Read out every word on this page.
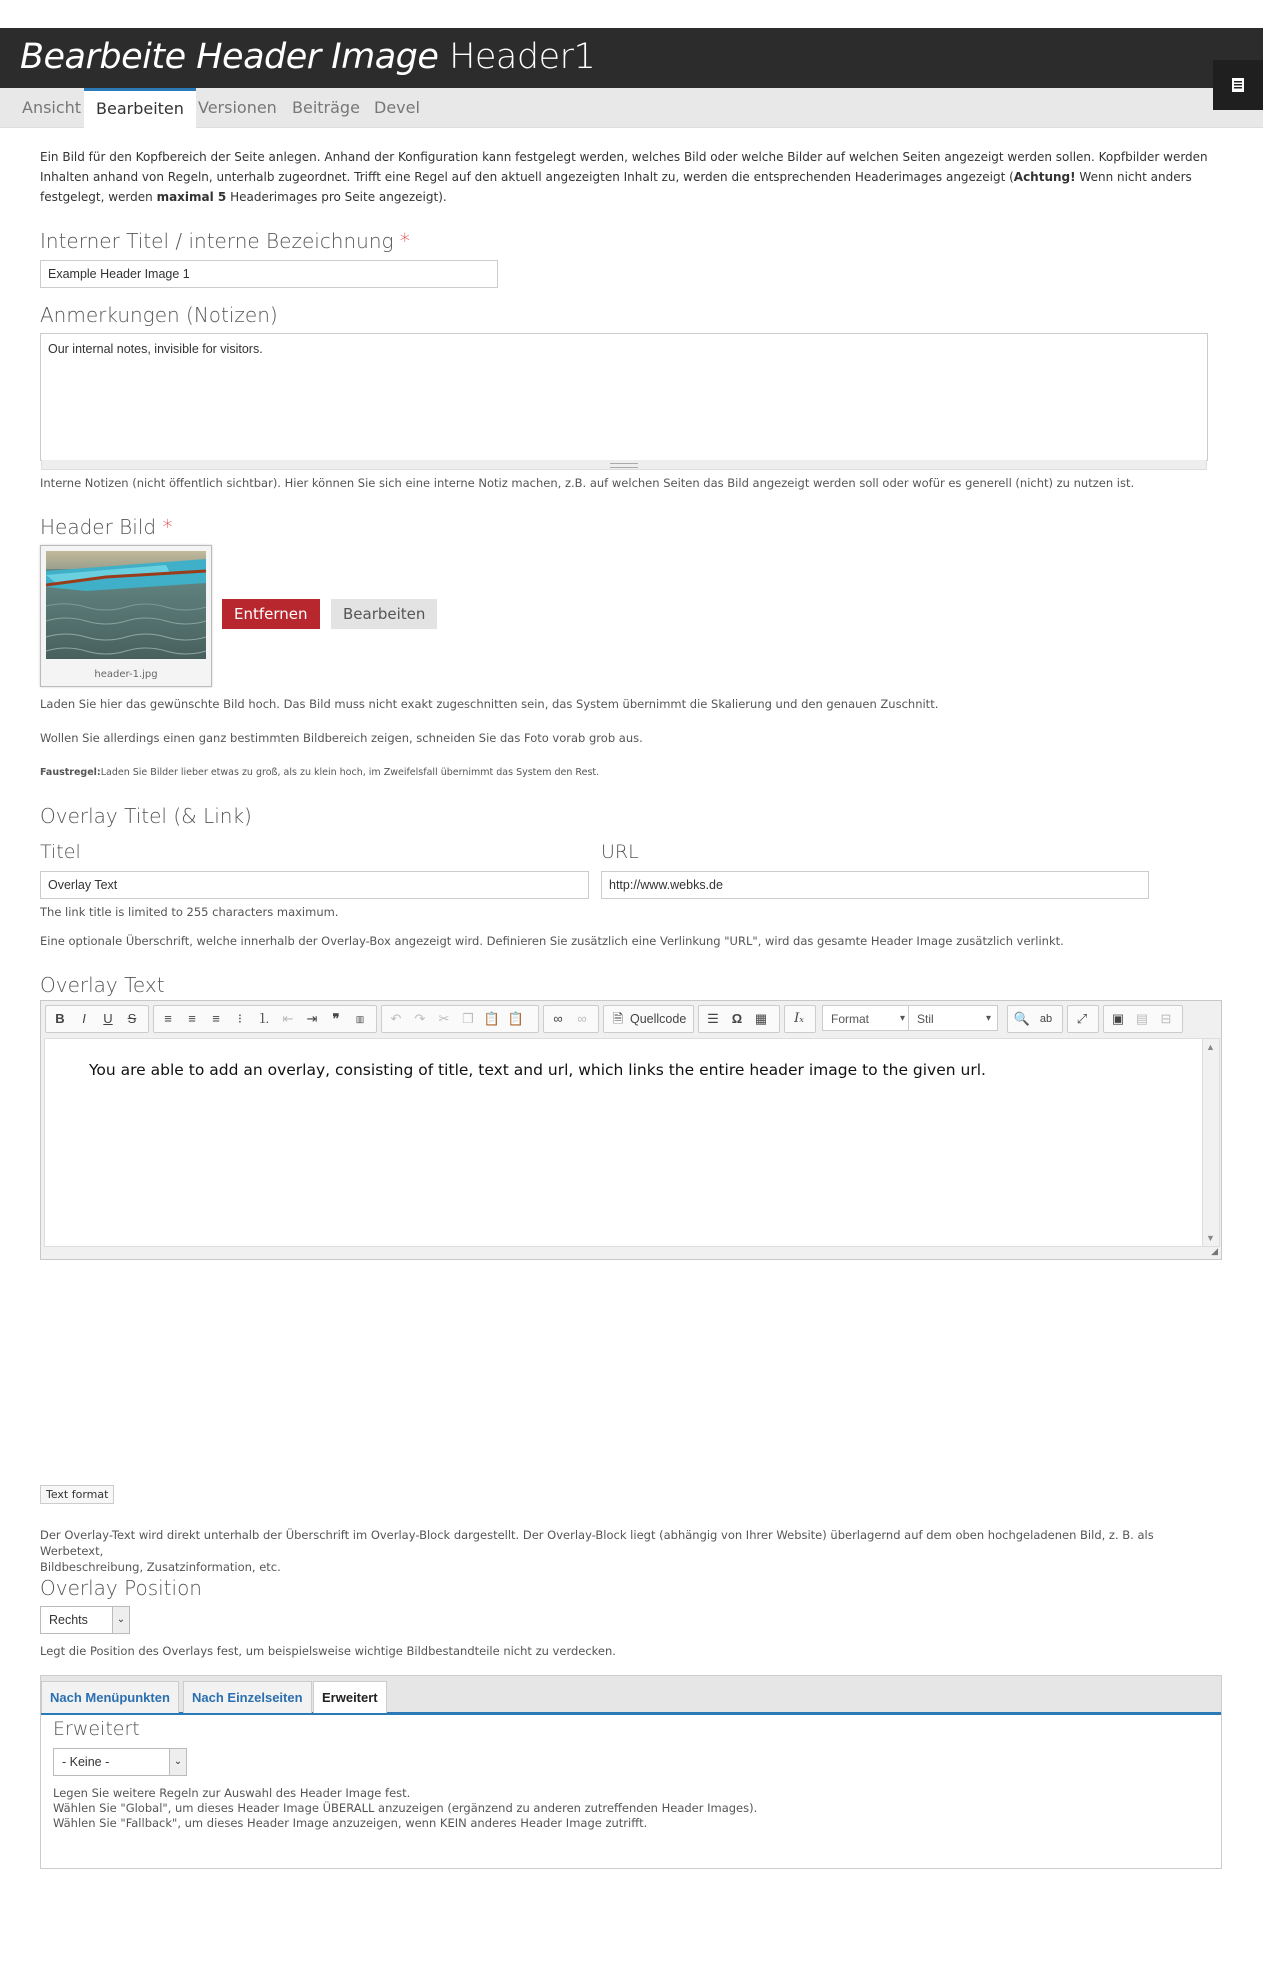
Bearbeite Header Image Header1
Ansicht Bearbeiten Versionen Beiträge Devel
Ein Bild für den Kopfbereich der Seite anlegen. Anhand der Konfiguration kann festgelegt werden, welches Bild oder welche Bilder auf welchen Seiten angezeigt werden sollen. Kopfbilder werden
Inhalten anhand von Regeln, unterhalb zugeordnet. Trifft eine Regel auf den aktuell angezeigten Inhalt zu, werden die entsprechenden Headerimages angezeigt (Achtung! Wenn nicht anders
festgelegt, werden maximal 5 Headerimages pro Seite angezeigt).
Interner Titel / interne Bezeichnung *
Example Header Image 1
Anmerkungen (Notizen)
Our internal notes, invisible for visitors.
Interne Notizen (nicht öffentlich sichtbar). Hier können Sie sich eine interne Notiz machen, z.B. auf welchen Seiten das Bild angezeigt werden soll oder wofür es generell (nicht) zu nutzen ist.
Header Bild *
header-1.jpg
Entfernen	Bearbeiten
Laden Sie hier das gewünschte Bild hoch. Das Bild muss nicht exakt zugeschnitten sein, das System übernimmt die Skalierung und den genauen Zuschnitt.
Wollen Sie allerdings einen ganz bestimmten Bildbereich zeigen, schneiden Sie das Foto vorab grob aus.
Faustregel:Laden Sie Bilder lieber etwas zu groß, als zu klein hoch, im Zweifelsfall übernimmt das System den Rest.
Overlay Titel (& Link)
Titel	URL
Overlay Text	http://www.webks.de
The link title is limited to 255 characters maximum.
Eine optionale Überschrift, welche innerhalb der Overlay-Box angezeigt wird. Definieren Sie zusätzlich eine Verlinkung "URL", wird das gesamte Header Image zusätzlich verlinkt.
Overlay Text
B	I	U	S	≡	≡	≡	⁝	⒈ ⇤	⇥	❞	▥	↶	↷	✂ ❐ 📋 📋	∞	∞	🗎 Quellcode	☰ Ω ▦	Iₓ	Format ▾	Stil ▾	🔍 ab	⤢	▣ ▤ ⊟
You are able to add an overlay, consisting of title, text and url, which links the entire header image to the given url.
▲
▼
◢
Text format
Der Overlay-Text wird direkt unterhalb der Überschrift im Overlay-Block dargestellt. Der Overlay-Block liegt (abhängig von Ihrer Website) überlagernd auf dem oben hochgeladenen Bild, z. B. als Werbetext,
Bildbeschreibung, Zusatzinformation, etc.
Overlay Position
Rechts	⌄
Legt die Position des Overlays fest, um beispielsweise wichtige Bildbestandteile nicht zu verdecken.
Nach Menüpunkten	Nach Einzelseiten	Erweitert
Erweitert
- Keine -	⌄
Legen Sie weitere Regeln zur Auswahl des Header Image fest.
Wählen Sie "Global", um dieses Header Image ÜBERALL anzuzeigen (ergänzend zu anderen zutreffenden Header Images).
Wählen Sie "Fallback", um dieses Header Image anzuzeigen, wenn KEIN anderes Header Image zutrifft.
